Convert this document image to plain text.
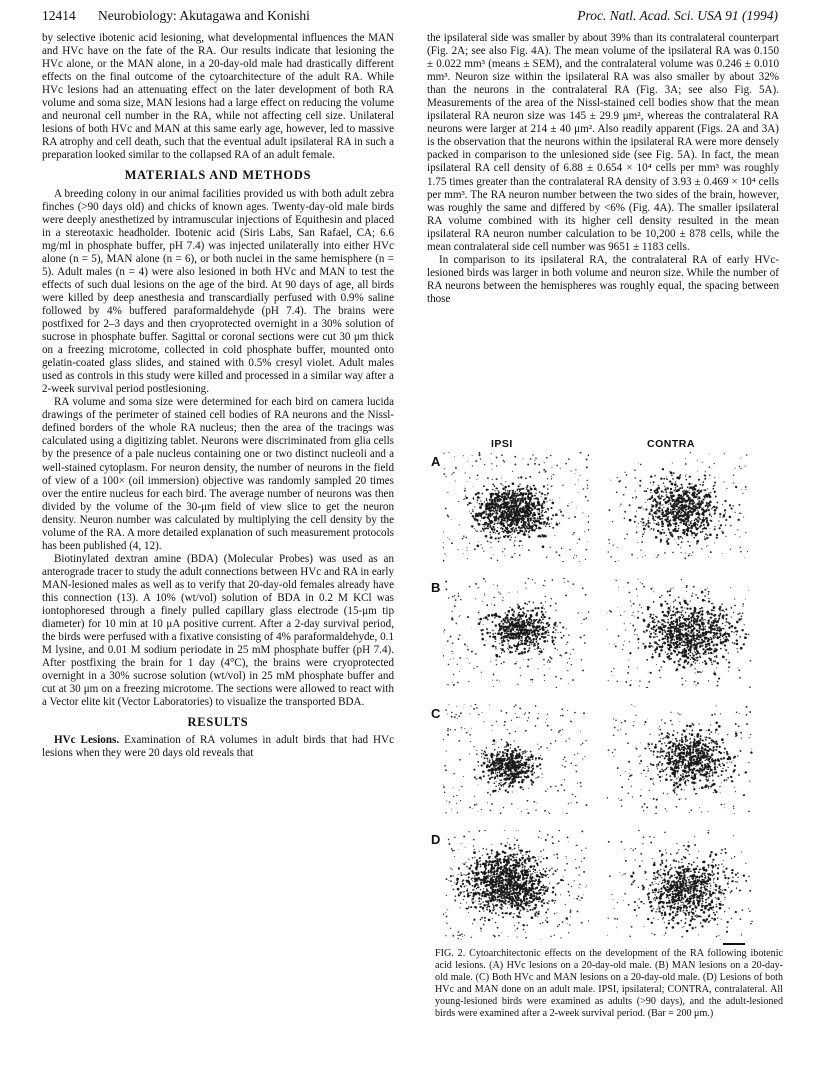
12414 Neurobiology: Akutagawa and Konishi	Proc. Natl. Acad. Sci. USA 91 (1994)

by selective ibotenic acid lesioning, what developmental influences the MAN and HVc have on the fate of the RA. Our results indicate that lesioning the HVc alone, or the MAN alone, in a 20-day-old male had drastically different effects on the final outcome of the cytoarchitecture of the adult RA. While HVc lesions had an attenuating effect on the later development of both RA volume and soma size, MAN lesions had a large effect on reducing the volume and neuronal cell number in the RA, while not affecting cell size. Unilateral lesions of both HVc and MAN at this same early age, however, led to massive RA atrophy and cell death, such that the eventual adult ipsilateral RA in such a preparation looked similar to the collapsed RA of an adult female.

MATERIALS AND METHODS

A breeding colony in our animal facilities provided us with both adult zebra finches (>90 days old) and chicks of known ages. Twenty-day-old male birds were deeply anesthetized by intramuscular injections of Equithesin and placed in a stereotaxic headholder. Ibotenic acid (Siris Labs, San Rafael, CA; 6.6 mg/ml in phosphate buffer, pH 7.4) was injected unilaterally into either HVc alone (n = 5), MAN alone (n = 6), or both nuclei in the same hemisphere (n = 5). Adult males (n = 4) were also lesioned in both HVc and MAN to test the effects of such dual lesions on the age of the bird. At 90 days of age, all birds were killed by deep anesthesia and transcardially perfused with 0.9% saline followed by 4% buffered paraformaldehyde (pH 7.4). The brains were postfixed for 2–3 days and then cryoprotected overnight in a 30% solution of sucrose in phosphate buffer. Sagittal or coronal sections were cut 30 μm thick on a freezing microtome, collected in cold phosphate buffer, mounted onto gelatin-coated glass slides, and stained with 0.5% cresyl violet. Adult males used as controls in this study were killed and processed in a similar way after a 2-week survival period postlesioning.

RA volume and soma size were determined for each bird on camera lucida drawings of the perimeter of stained cell bodies of RA neurons and the Nissl-defined borders of the whole RA nucleus; then the area of the tracings was calculated using a digitizing tablet. Neurons were discriminated from glia cells by the presence of a pale nucleus containing one or two distinct nucleoli and a well-stained cytoplasm. For neuron density, the number of neurons in the field of view of a 100× (oil immersion) objective was randomly sampled 20 times over the entire nucleus for each bird. The average number of neurons was then divided by the volume of the 30-μm field of view slice to get the neuron density. Neuron number was calculated by multiplying the cell density by the volume of the RA. A more detailed explanation of such measurement protocols has been published (4, 12).

Biotinylated dextran amine (BDA) (Molecular Probes) was used as an anterograde tracer to study the adult connections between HVc and RA in early MAN-lesioned males as well as to verify that 20-day-old females already have this connection (13). A 10% (wt/vol) solution of BDA in 0.2 M KCl was iontophoresed through a finely pulled capillary glass electrode (15-μm tip diameter) for 10 min at 10 μA positive current. After a 2-day survival period, the birds were perfused with a fixative consisting of 4% paraformaldehyde, 0.1 M lysine, and 0.01 M sodium periodate in 25 mM phosphate buffer (pH 7.4). After postfixing the brain for 1 day (4°C), the brains were cryoprotected overnight in a 30% sucrose solution (wt/vol) in 25 mM phosphate buffer and cut at 30 μm on a freezing microtome. The sections were allowed to react with a Vector elite kit (Vector Laboratories) to visualize the transported BDA.

RESULTS

HVc Lesions. Examination of RA volumes in adult birds that had HVc lesions when they were 20 days old reveals that

the ipsilateral side was smaller by about 39% than its contralateral counterpart (Fig. 2A; see also Fig. 4A). The mean volume of the ipsilateral RA was 0.150 ± 0.022 mm³ (means ± SEM), and the contralateral volume was 0.246 ± 0.010 mm³. Neuron size within the ipsilateral RA was also smaller by about 32% than the neurons in the contralateral RA (Fig. 3A; see also Fig. 5A). Measurements of the area of the Nissl-stained cell bodies show that the mean ipsilateral RA neuron size was 145 ± 29.9 μm², whereas the contralateral RA neurons were larger at 214 ± 40 μm². Also readily apparent (Figs. 2A and 3A) is the observation that the neurons within the ipsilateral RA were more densely packed in comparison to the unlesioned side (see Fig. 5A). In fact, the mean ipsilateral RA cell density of 6.88 ± 0.654 × 10⁴ cells per mm³ was roughly 1.75 times greater than the contralateral RA density of 3.93 ± 0.469 × 10⁴ cells per mm³. The RA neuron number between the two sides of the brain, however, was roughly the same and differed by <6% (Fig. 4A). The smaller ipsilateral RA volume combined with its higher cell density resulted in the mean ipsilateral RA neuron number calculation to be 10,200 ± 878 cells, while the mean contralateral side cell number was 9651 ± 1183 cells.

In comparison to its ipsilateral RA, the contralateral RA of early HVc-lesioned birds was larger in both volume and neuron size. While the number of RA neurons between the hemispheres was roughly equal, the spacing between those

IPSI	CONTRA
A
B
C
D
FIG. 2. Cytoarchitectonic effects on the development of the RA following ibotenic acid lesions. (A) HVc lesions on a 20-day-old male. (B) MAN lesions on a 20-day-old male. (C) Both HVc and MAN lesions on a 20-day-old male. (D) Lesions of both HVc and MAN done on an adult male. IPSI, ipsilateral; CONTRA, contralateral. All young-lesioned birds were examined as adults (>90 days), and the adult-lesioned birds were examined after a 2-week survival period. (Bar = 200 μm.)
